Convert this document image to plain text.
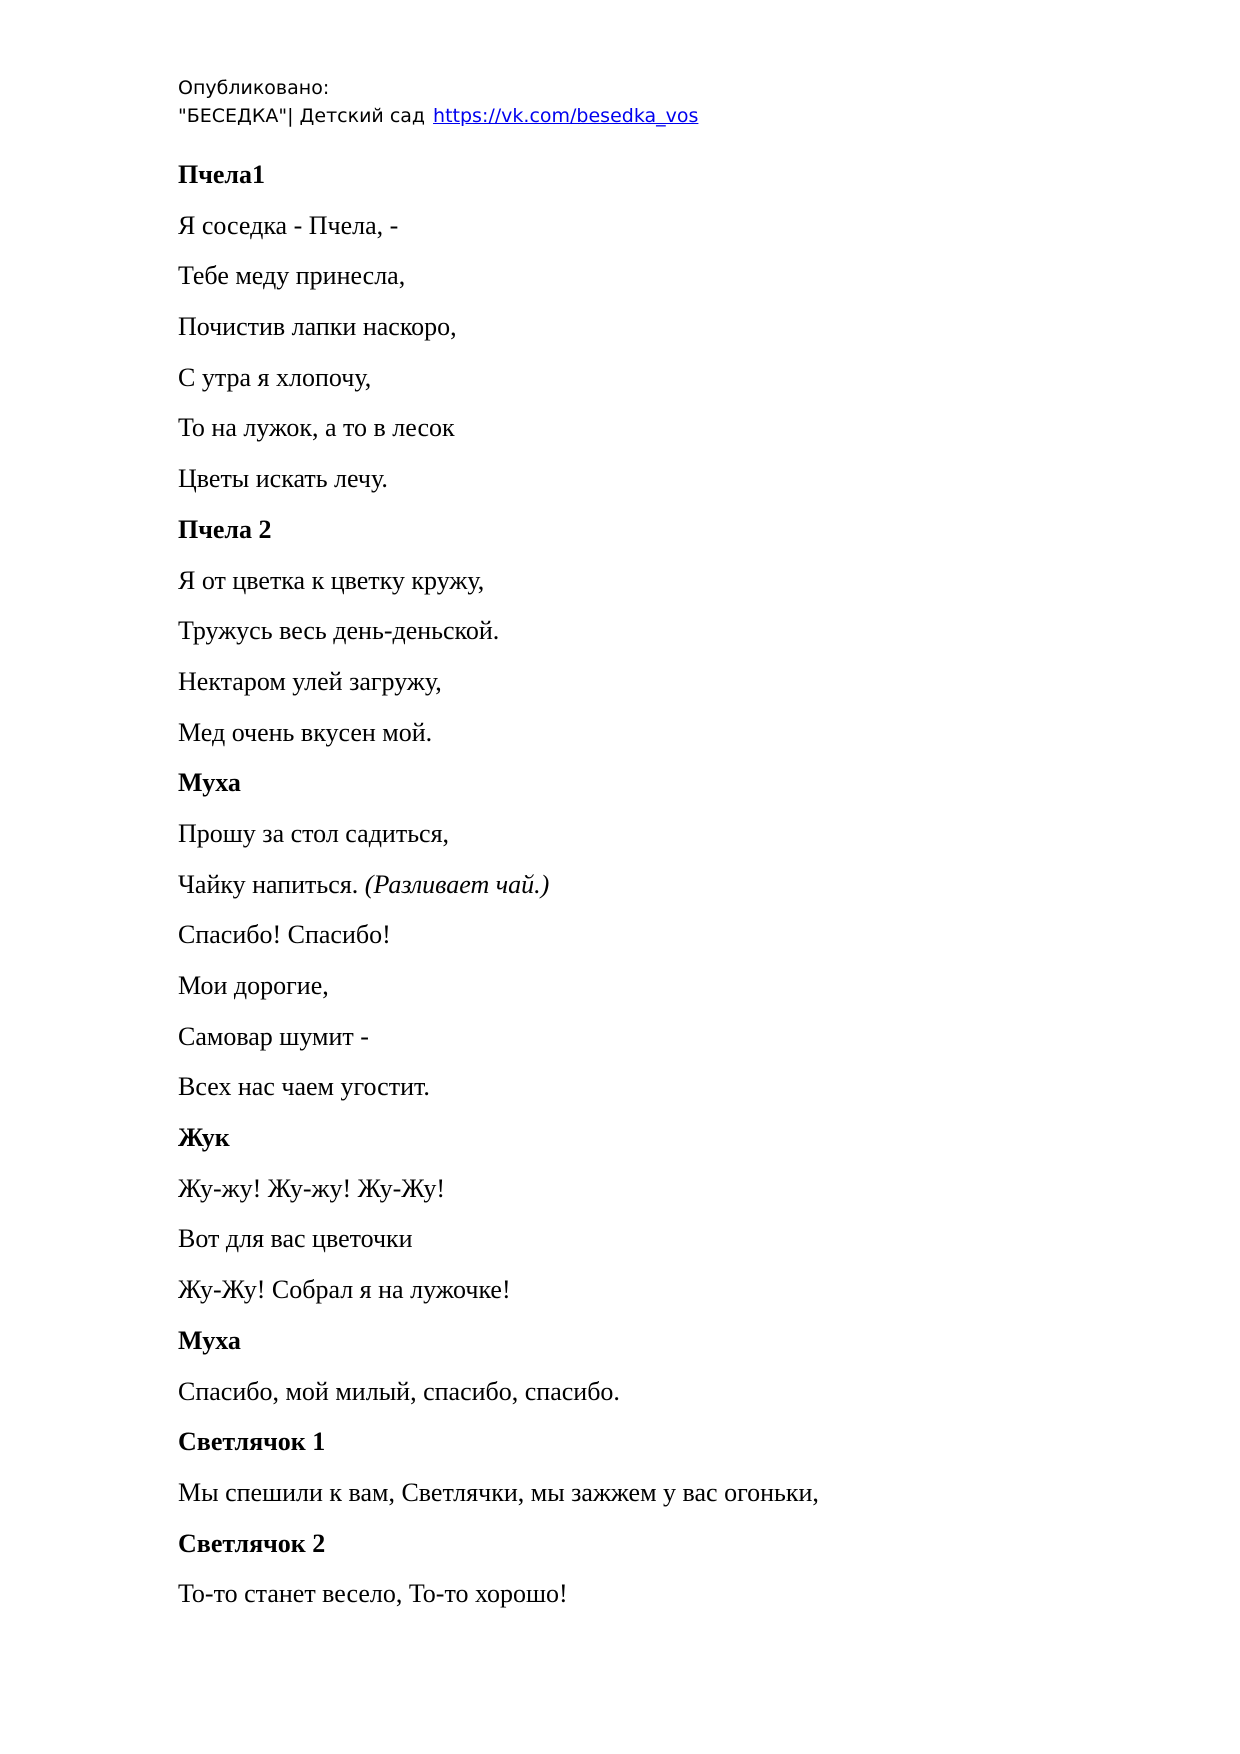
Опубликовано:
"БЕСЕДКА"| Детский сад https://vk.com/besedka_vos
Пчела1
Я соседка - Пчела, -
Тебе меду принесла,
Почистив лапки наскоро,
С утра я хлопочу,
То на лужок, а то в лесок
Цветы искать лечу.
Пчела 2
Я от цветка к цветку кружу,
Тружусь весь день-деньской.
Нектаром улей загружу,
Мед очень вкусен мой.
Муха
Прошу за стол садиться,
Чайку напиться. (Разливает чай.)
Спасибо! Спасибо!
Мои дорогие,
Самовар шумит -
Всех нас чаем угостит.
Жук
Жу-жу! Жу-жу! Жу-Жу!
Вот для вас цветочки
Жу-Жу! Собрал я на лужочке!
Муха
Спасибо, мой милый, спасибо, спасибо.
Светлячок 1
Мы спешили к вам, Светлячки, мы зажжем у вас огоньки,
Светлячок 2
То-то станет весело, То-то хорошо!
